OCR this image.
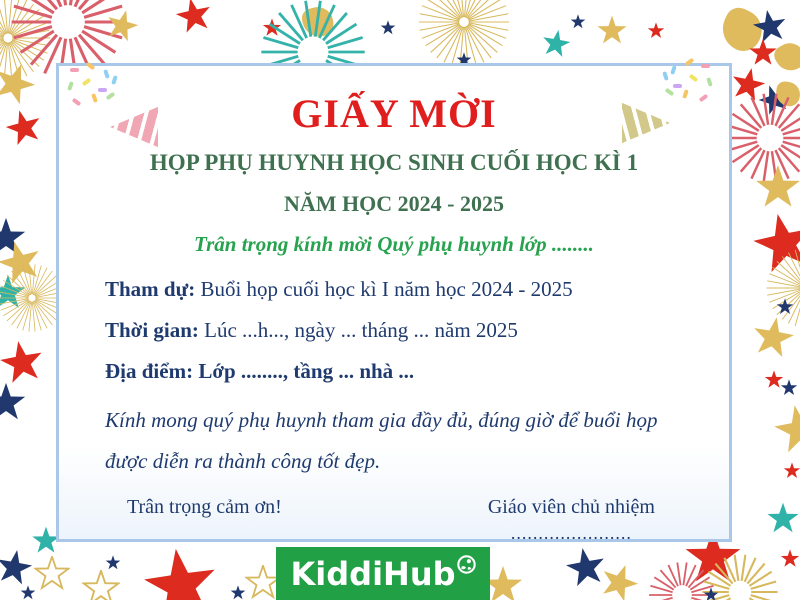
GIẤY MỜI
HỌP PHỤ HUYNH HỌC SINH CUỐI HỌC KÌ 1
NĂM HỌC 2024 - 2025

Trân trọng kính mời Quý phụ huynh lớp ........

Tham dự: Buổi họp cuối học kì I năm học 2024 - 2025

Thời gian: Lúc ...h..., ngày ... tháng ... năm 2025

Địa điểm: Lớp ........, tầng ... nhà ...

Kính mong quý phụ huynh tham gia đầy đủ, đúng giờ để buổi họp
được diễn ra thành công tốt đẹp.

Trân trọng cảm ơn!	Giáo viên chủ nhiệm
......................
KiddiHub
